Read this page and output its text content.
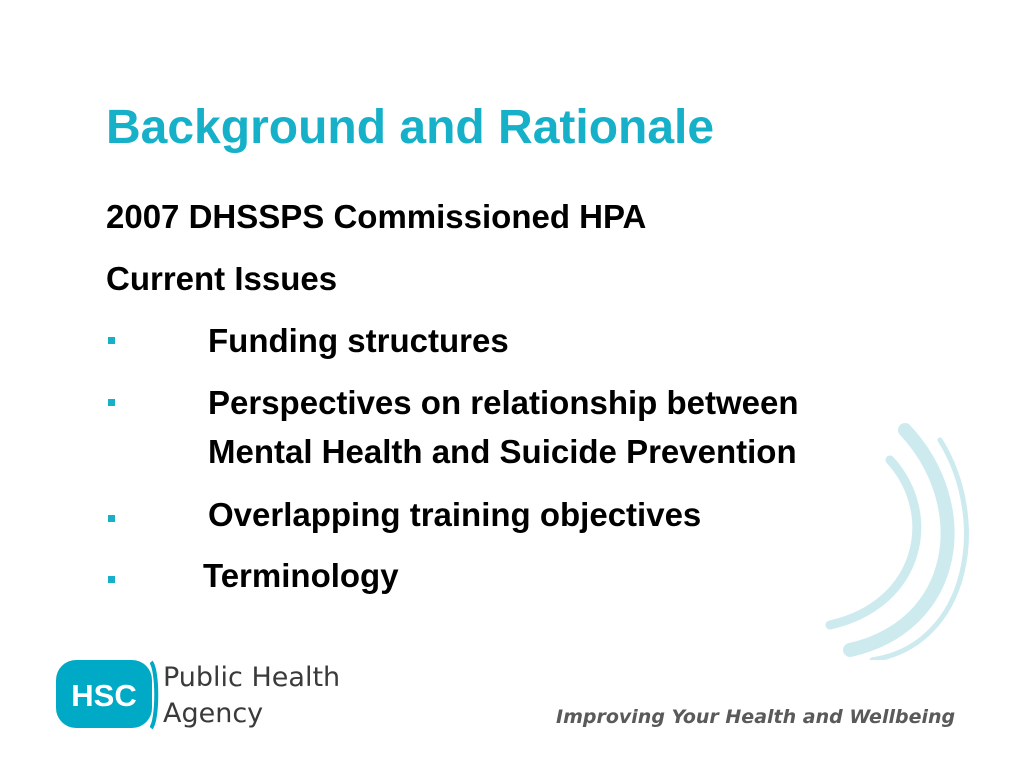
Background and Rationale
2007 DHSSPS Commissioned HPA
Current Issues
Funding structures
Perspectives on relationship between
Mental Health and Suicide Prevention
Overlapping training objectives
Terminology
HSC
Public Health
Agency	Improving Your Health and Wellbeing
